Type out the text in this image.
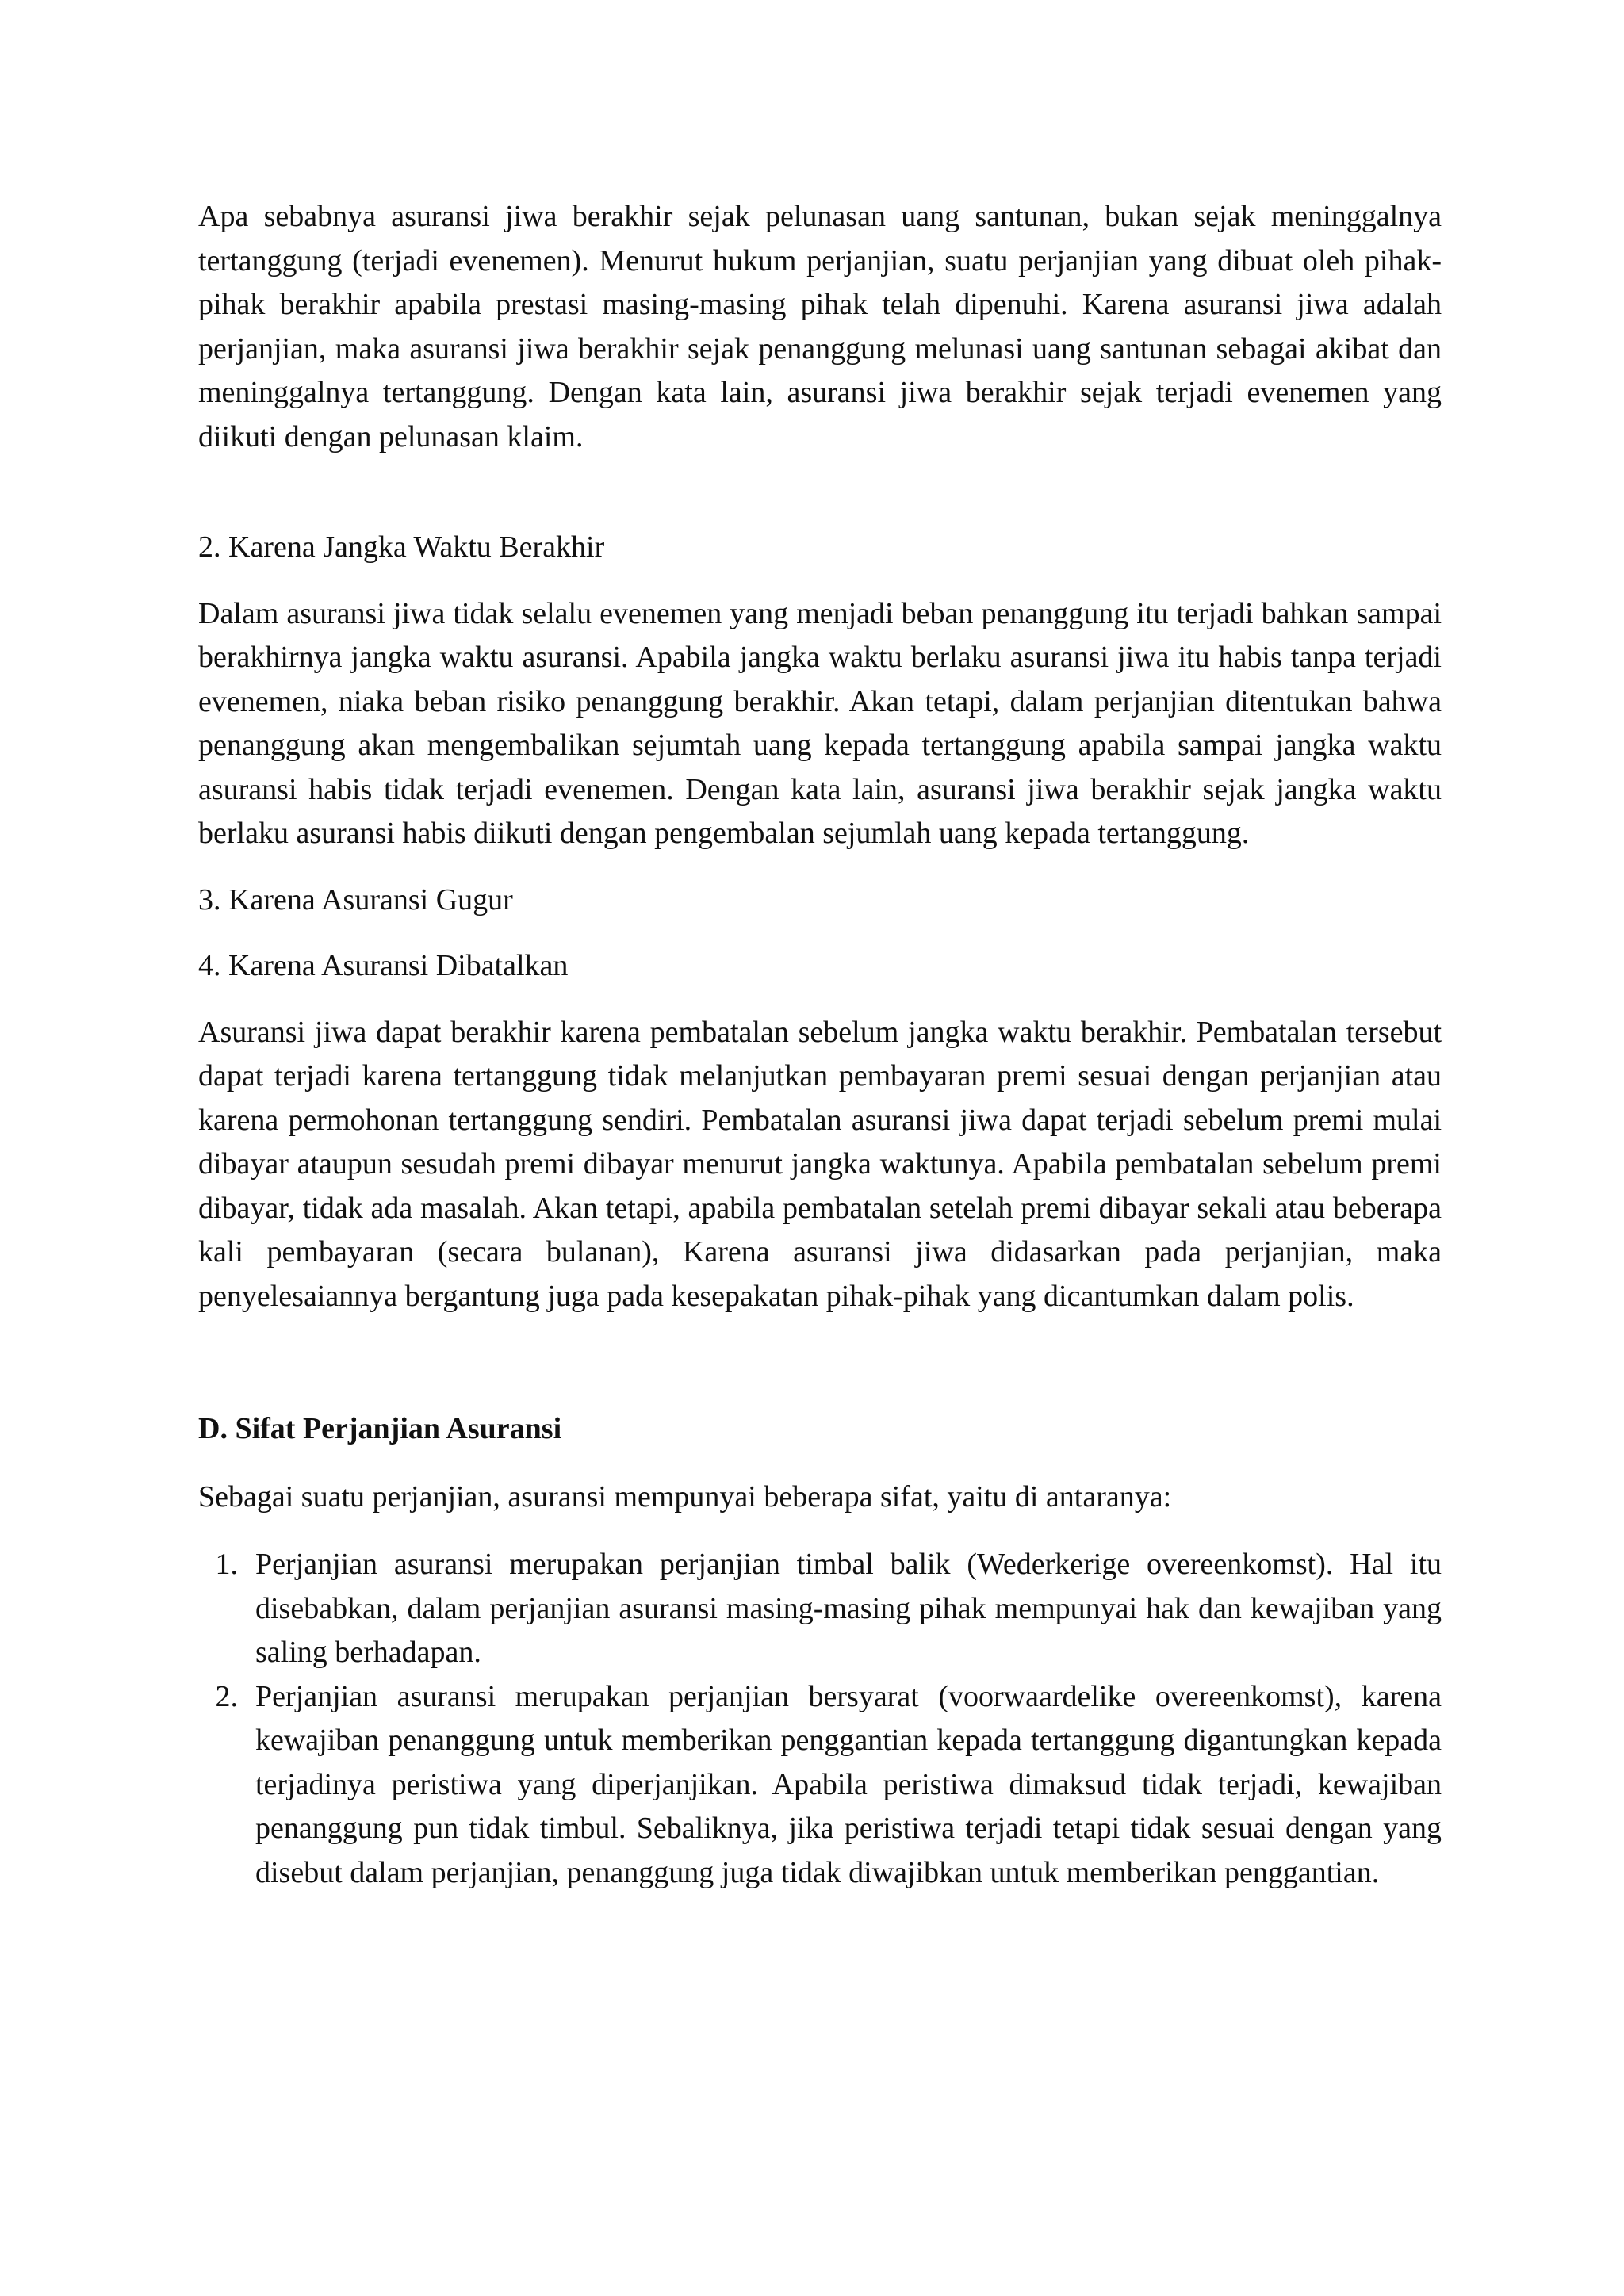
Apa sebabnya asuransi jiwa berakhir sejak pelunasan uang santunan, bukan sejak meninggalnya tertanggung (terjadi evenemen). Menurut hukum perjanjian, suatu perjanjian yang dibuat oleh pihak-pihak berakhir apabila prestasi masing-masing pihak telah dipenuhi. Karena asuransi jiwa adalah perjanjian, maka asuransi jiwa berakhir sejak penanggung melunasi uang santunan sebagai akibat dan meninggalnya tertanggung. Dengan kata lain, asuransi jiwa berakhir sejak terjadi evenemen yang diikuti dengan pelunasan klaim.

2. Karena Jangka Waktu Berakhir

Dalam asuransi jiwa tidak selalu evenemen yang menjadi beban penanggung itu terjadi bahkan sampai berakhirnya jangka waktu asuransi. Apabila jangka waktu berlaku asuransi jiwa itu habis tanpa terjadi evenemen, niaka beban risiko penanggung berakhir. Akan tetapi, dalam perjanjian ditentukan bahwa penanggung akan mengembalikan sejumtah uang kepada tertanggung apabila sampai jangka waktu asuransi habis tidak terjadi evenemen. Dengan kata lain, asuransi jiwa berakhir sejak jangka waktu berlaku asuransi habis diikuti dengan pengembalan sejumlah uang kepada tertanggung.

3. Karena Asuransi Gugur

4. Karena Asuransi Dibatalkan

Asuransi jiwa dapat berakhir karena pembatalan sebelum jangka waktu berakhir. Pembatalan tersebut dapat terjadi karena tertanggung tidak melanjutkan pembayaran premi sesuai dengan perjanjian atau karena permohonan tertanggung sendiri. Pembatalan asuransi jiwa dapat terjadi sebelum premi mulai dibayar ataupun sesudah premi dibayar menurut jangka waktunya. Apabila pembatalan sebelum premi dibayar, tidak ada masalah. Akan tetapi, apabila pembatalan setelah premi dibayar sekali atau beberapa kali pembayaran (secara bulanan), Karena asuransi jiwa didasarkan pada perjanjian, maka penyelesaiannya bergantung juga pada kesepakatan pihak-pihak yang dicantumkan dalam polis.

D. Sifat Perjanjian Asuransi

Sebagai suatu perjanjian, asuransi mempunyai beberapa sifat, yaitu di antaranya:

1. Perjanjian asuransi merupakan perjanjian timbal balik (Wederkerige overeenkomst). Hal itu disebabkan, dalam perjanjian asuransi masing-masing pihak mempunyai hak dan kewajiban yang saling berhadapan.
2. Perjanjian asuransi merupakan perjanjian bersyarat (voorwaardelike overeenkomst), karena kewajiban penanggung untuk memberikan penggantian kepada tertanggung digantungkan kepada terjadinya peristiwa yang diperjanjikan. Apabila peristiwa dimaksud tidak terjadi, kewajiban penanggung pun tidak timbul. Sebaliknya, jika peristiwa terjadi tetapi tidak sesuai dengan yang disebut dalam perjanjian, penanggung juga tidak diwajibkan untuk memberikan penggantian.
